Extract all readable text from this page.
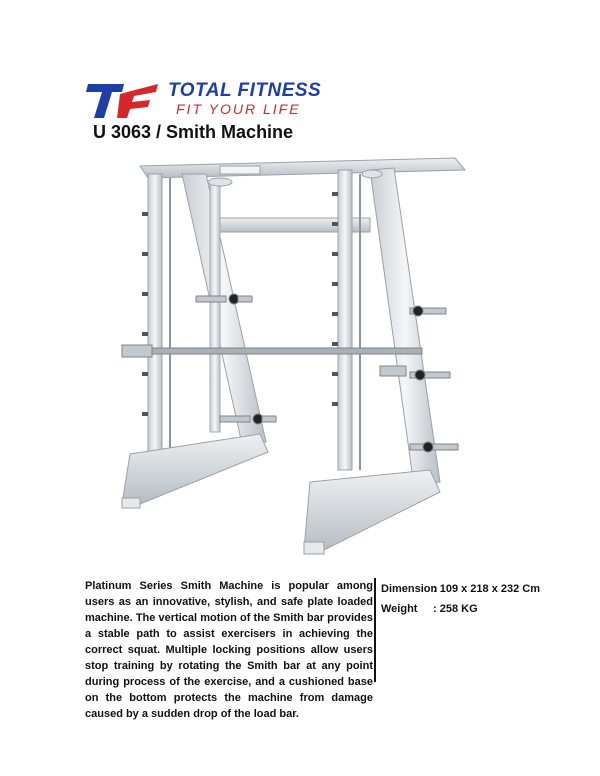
TOTAL FITNESS
FIT YOUR LIFE
U 3063 / Smith Machine
Platinum Series Smith Machine is popular among users as an innovative, stylish, and safe plate loaded machine. The vertical motion of the Smith bar provides a stable path to assist exercisers in achieving the correct squat. Multiple locking positions allow users stop training by rotating the Smith bar at any point during process of the exercise, and a cushioned base on the bottom protects the machine from damage caused by a sudden drop of the load bar.
Dimension
: 109 x 218 x 232 Cm
Weight	: 258 KG
